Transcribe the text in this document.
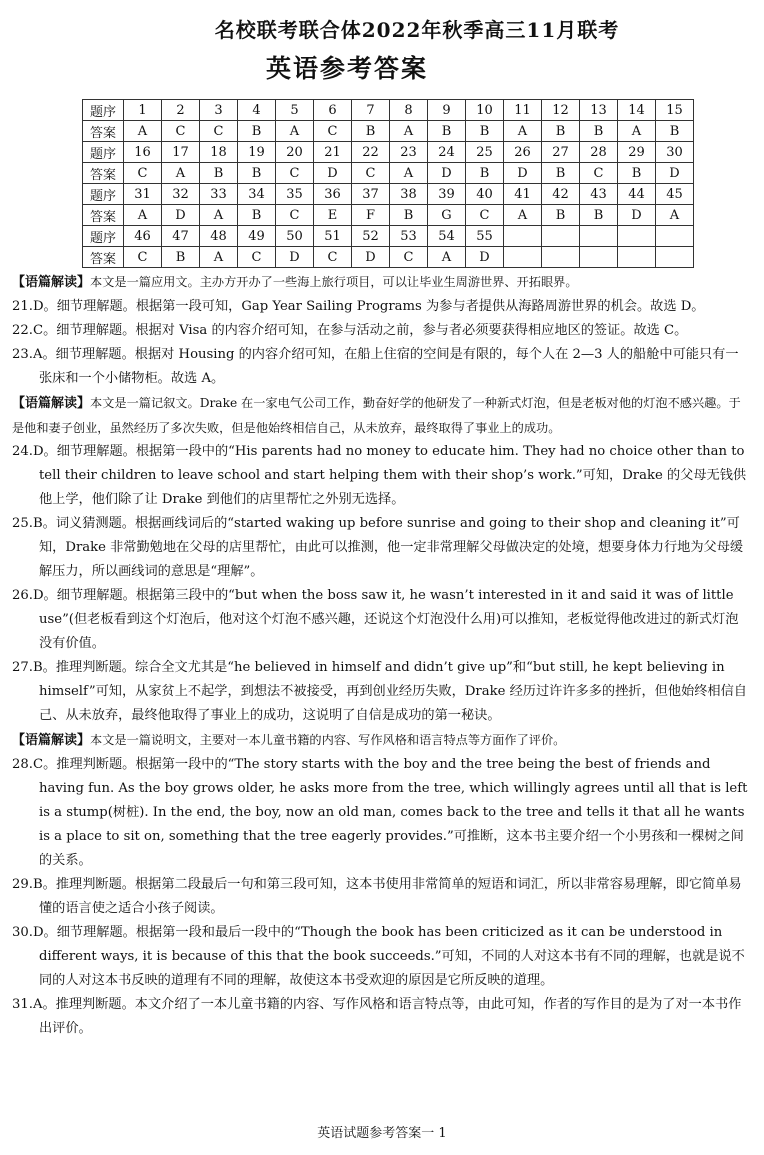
名校联考联合体2022年秋季高三11月联考
英语参考答案
题序	1	2	3	4	5	6	7	8	9	10	11	12	13	14	15
答案	A	C	C	B	A	C	B	A	B	B	A	B	B	A	B
题序	16	17	18	19	20	21	22	23	24	25	26	27	28	29	30
答案	C	A	B	B	C	D	C	A	D	B	D	B	C	B	D
题序	31	32	33	34	35	36	37	38	39	40	41	42	43	44	45
答案	A	D	A	B	C	E	F	B	G	C	A	B	B	D	A
题序	46	47	48	49	50	51	52	53	54	55					
答案	C	B	A	C	D	C	D	C	A	D					

【语篇解读】本文是一篇应用文。主办方开办了一些海上旅行项目，可以让毕业生周游世界、开拓眼界。

21.D。细节理解题。根据第一段可知，Gap Year Sailing Programs 为参与者提供从海路周游世界的机会。故选 D。

22.C。细节理解题。根据对 Visa 的内容介绍可知，在参与活动之前，参与者必须要获得相应地区的签证。故选 C。

23.A。细节理解题。根据对 Housing 的内容介绍可知，在船上住宿的空间是有限的，每个人在 2—3 人的船舱中可能只有一张床和一个小储物柜。故选 A。

【语篇解读】本文是一篇记叙文。Drake 在一家电气公司工作，勤奋好学的他研发了一种新式灯泡，但是老板对他的灯泡不感兴趣。于是他和妻子创业，虽然经历了多次失败，但是他始终相信自己，从未放弃，最终取得了事业上的成功。

24.D。细节理解题。根据第一段中的“His parents had no money to educate him. They had no choice other than to tell their children to leave school and start helping them with their shop’s work.”可知，Drake 的父母无钱供他上学，他们除了让 Drake 到他们的店里帮忙之外别无选择。

25.B。词义猜测题。根据画线词后的“started waking up before sunrise and going to their shop and cleaning it”可知，Drake 非常勤勉地在父母的店里帮忙，由此可以推测，他一定非常理解父母做决定的处境，想要身体力行地为父母缓解压力，所以画线词的意思是“理解”。

26.D。细节理解题。根据第三段中的“but when the boss saw it, he wasn’t interested in it and said it was of little use”(但老板看到这个灯泡后，他对这个灯泡不感兴趣，还说这个灯泡没什么用)可以推知，老板觉得他改进过的新式灯泡没有价值。

27.B。推理判断题。综合全文尤其是“he believed in himself and didn’t give up”和“but still, he kept believing in himself”可知，从家贫上不起学，到想法不被接受，再到创业经历失败，Drake 经历过许许多多的挫折，但他始终相信自己、从未放弃，最终他取得了事业上的成功，这说明了自信是成功的第一秘诀。

【语篇解读】本文是一篇说明文，主要对一本儿童书籍的内容、写作风格和语言特点等方面作了评价。

28.C。推理判断题。根据第一段中的“The story starts with the boy and the tree being the best of friends and having fun. As the boy grows older, he asks more from the tree, which willingly agrees until all that is left is a stump(树桩). In the end, the boy, now an old man, comes back to the tree and tells it that all he wants is a place to sit on, something that the tree eagerly provides.”可推断，这本书主要介绍一个小男孩和一棵树之间的关系。

29.B。推理判断题。根据第二段最后一句和第三段可知，这本书使用非常简单的短语和词汇，所以非常容易理解，即它简单易懂的语言使之适合小孩子阅读。

30.D。细节理解题。根据第一段和最后一段中的“Though the book has been criticized as it can be understood in different ways, it is because of this that the book succeeds.”可知，不同的人对这本书有不同的理解，也就是说不同的人对这本书反映的道理有不同的理解，故使这本书受欢迎的原因是它所反映的道理。

31.A。推理判断题。本文介绍了一本儿童书籍的内容、写作风格和语言特点等，由此可知，作者的写作目的是为了对一本书作出评价。

英语试题参考答案一 1
